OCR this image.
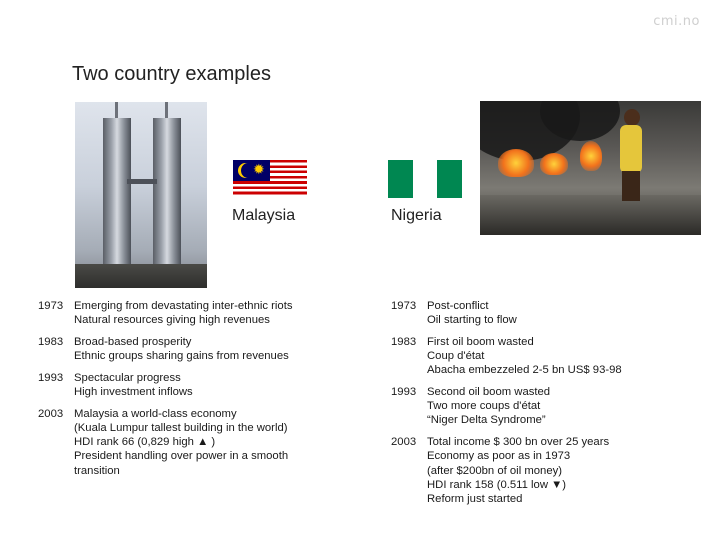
cmi.no
Two country examples
✹
Malaysia	Nigeria
1973 Emerging from devastating inter-ethnic riots
Natural resources giving high revenues
1983 Broad-based prosperity
Ethnic groups sharing gains from revenues
1993 Spectacular progress
High investment inflows
2003 Malaysia a world-class economy
(Kuala Lumpur tallest building in the world)
HDI rank 66 (0,829 high ▲ )
President handling over power in a smooth
transition
1973 Post-conflict
Oil starting to flow
1983 First oil boom wasted
Coup d'état
Abacha embezzeled 2-5 bn US$ 93-98
1993 Second oil boom wasted
Two more coups d'état
“Niger Delta Syndrome”
2003 Total income $ 300 bn over 25 years
Economy as poor as in 1973
(after $200bn of oil money)
HDI rank 158 (0.511 low ▼)
Reform just started
